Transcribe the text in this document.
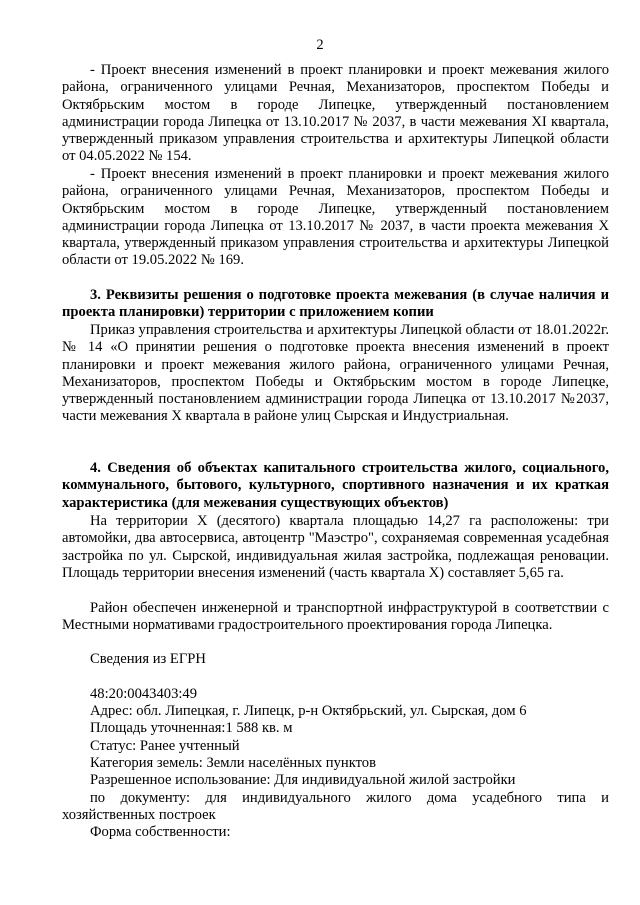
2

- Проект внесения изменений в проект планировки и проект межевания жилого района, ограниченного улицами Речная, Механизаторов, проспектом Победы и Октябрьским мостом в городе Липецке, утвержденный постановлением администрации города Липецка от 13.10.2017 № 2037, в части межевания XI квартала, утвержденный приказом управления строительства и архитектуры Липецкой области от 04.05.2022 № 154.

- Проект внесения изменений в проект планировки и проект межевания жилого района, ограниченного улицами Речная, Механизаторов, проспектом Победы и Октябрьским мостом в городе Липецке, утвержденный постановлением администрации города Липецка от 13.10.2017 № 2037, в части проекта межевания X квартала, утвержденный приказом управления строительства и архитектуры Липецкой области от 19.05.2022 № 169.

3. Реквизиты решения о подготовке проекта межевания (в случае наличия и проекта планировки) территории с приложением копии

Приказ управления строительства и архитектуры Липецкой области от 18.01.2022г. № 14 «О принятии решения о подготовке проекта внесения изменений в проект планировки и проект межевания жилого района, ограниченного улицами Речная, Механизаторов, проспектом Победы и Октябрьским мостом в городе Липецке, утвержденный постановлением администрации города Липецка от 13.10.2017 №2037, части межевания X квартала в районе улиц Сырская и Индустриальная.

4. Сведения об объектах капитального строительства жилого, социального, коммунального, бытового, культурного, спортивного назначения и их краткая характеристика (для межевания существующих объектов)

На территории X (десятого) квартала площадью 14,27 га расположены: три автомойки, два автосервиса, автоцентр "Маэстро", сохраняемая современная усадебная застройка по ул. Сырской, индивидуальная жилая застройка, подлежащая реновации. Площадь территории внесения изменений (часть квартала X) составляет 5,65 га.

Район обеспечен инженерной и транспортной инфраструктурой в соответствии с Местными нормативами градостроительного проектирования города Липецка.

Сведения из ЕГРН

48:20:0043403:49

Адрес: обл. Липецкая, г. Липецк, р-н Октябрьский, ул. Сырская, дом 6

Площадь уточненная:1 588 кв. м

Статус: Ранее учтенный

Категория земель: Земли населённых пунктов

Разрешенное использование: Для индивидуальной жилой застройки

по документу: для индивидуального жилого дома усадебного типа и хозяйственных построек

Форма собственности:
